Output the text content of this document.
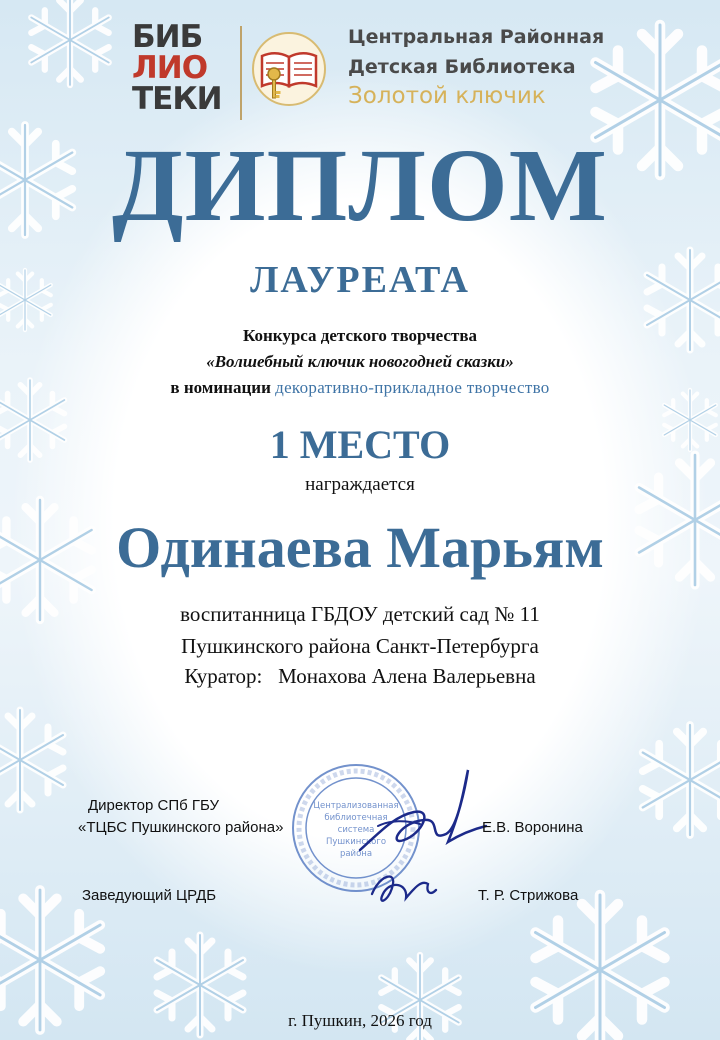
БИБ
ЛИО
ТЕКИ
Центральная Районная
Детская Библиотека
Золотой ключик
ДИПЛОМ
ЛАУРЕАТА
Конкурса детского творчества
«Волшебный ключик новогодней сказки»
в номинации декоративно-прикладное творчество
1 МЕСТО
награждается
Одинаева Марьям
воспитанница ГБДОУ детский сад № 11
Пушкинского района Санкт-Петербурга
Куратор: Монахова Алена Валерьевна
Централизованная
библиотечная
система
Пушкинского
района
Директор СПб ГБУ
«ТЦБС Пушкинского района»	Е.В. Воронина
Заведующий ЦРДБ	Т. Р. Стрижова
г. Пушкин, 2026 год
